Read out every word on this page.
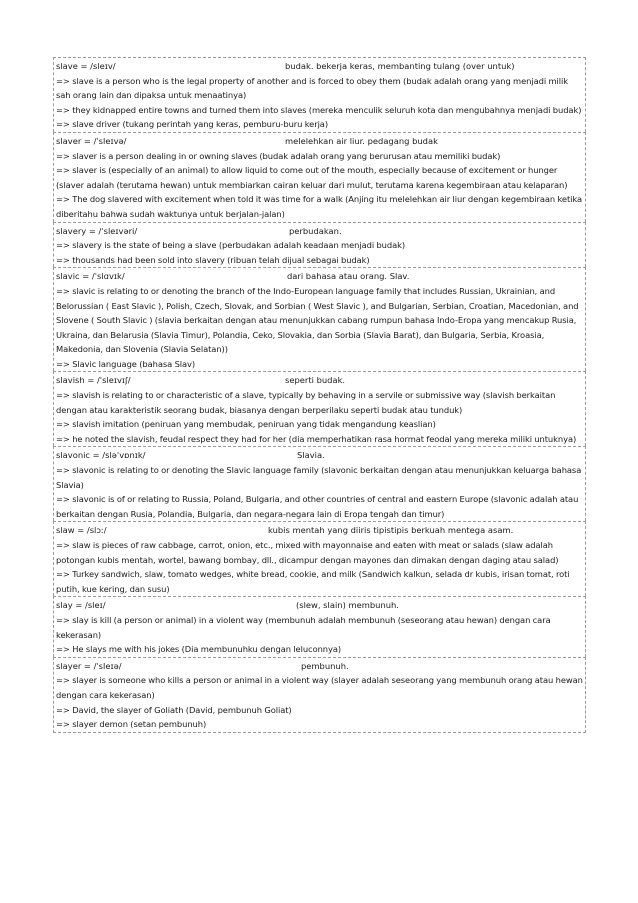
slave = /sleɪv/	budak. bekerja keras, membanting tulang (over untuk)
=> slave is a person who is the legal property of another and is forced to obey them (budak adalah orang yang menjadi milik sah orang lain dan dipaksa untuk menaatinya)
=> they kidnapped entire towns and turned them into slaves (mereka menculik seluruh kota dan mengubahnya menjadi budak)
=> slave driver (tukang perintah yang keras, pemburu-buru kerja)
slaver = /ˈsleɪvə/	melelehkan air liur. pedagang budak
=> slaver is a person dealing in or owning slaves (budak adalah orang yang berurusan atau memiliki budak)
=> slaver is (especially of an animal) to allow liquid to come out of the mouth, especially because of excitement or hunger (slaver adalah (terutama hewan) untuk membiarkan cairan keluar dari mulut, terutama karena kegembiraan atau kelaparan)
=> The dog slavered with excitement when told it was time for a walk (Anjing itu melelehkan air liur dengan kegembiraan ketika diberitahu bahwa sudah waktunya untuk berjalan-jalan)
slavery = /ˈsleɪvəri/	perbudakan.
=> slavery is the state of being a slave (perbudakan adalah keadaan menjadi budak)
=> thousands had been sold into slavery (ribuan telah dijual sebagai budak)
slavic = /ˈslɑvɪk/	dari bahasa atau orang. Slav.
=> slavic is relating to or denoting the branch of the Indo-European language family that includes Russian, Ukrainian, and Belorussian ( East Slavic ), Polish, Czech, Slovak, and Sorbian ( West Slavic ), and Bulgarian, Serbian, Croatian, Macedonian, and Slovene ( South Slavic ) (slavia berkaitan dengan atau menunjukkan cabang rumpun bahasa Indo-Eropa yang mencakup Rusia, Ukraina, dan Belarusia (Slavia Timur), Polandia, Ceko, Slovakia, dan Sorbia (Slavia Barat), dan Bulgaria, Serbia, Kroasia, Makedonia, dan Slovenia (Slavia Selatan))
=> Slavic language (bahasa Slav)
slavish = /ˈsleɪvɪʃ/	seperti budak.
=> slavish is relating to or characteristic of a slave, typically by behaving in a servile or submissive way (slavish berkaitan dengan atau karakteristik seorang budak, biasanya dengan berperilaku seperti budak atau tunduk)
=> slavish imitation (peniruan yang membudak, peniruan yang tidak mengandung keaslian)
=> he noted the slavish, feudal respect they had for her (dia memperhatikan rasa hormat feodal yang mereka miliki untuknya)
slavonic = /sləˈvɒnɪk/	Slavia.
=> slavonic is relating to or denoting the Slavic language family (slavonic berkaitan dengan atau menunjukkan keluarga bahasa Slavia)
=> slavonic is of or relating to Russia, Poland, Bulgaria, and other countries of central and eastern Europe (slavonic adalah atau berkaitan dengan Rusia, Polandia, Bulgaria, dan negara-negara lain di Eropa tengah dan timur)
slaw = /slɔː/	kubis mentah yang diiris tipistipis berkuah mentega asam.
=> slaw is pieces of raw cabbage, carrot, onion, etc., mixed with mayonnaise and eaten with meat or salads (slaw adalah potongan kubis mentah, wortel, bawang bombay, dll., dicampur dengan mayones dan dimakan dengan daging atau salad)
=> Turkey sandwich, slaw, tomato wedges, white bread, cookie, and milk (Sandwich kalkun, selada dr kubis, irisan tomat, roti putih, kue kering, dan susu)
slay = /sleɪ/	(slew, slain) membunuh.
=> slay is kill (a person or animal) in a violent way (membunuh adalah membunuh (seseorang atau hewan) dengan cara kekerasan)
=> He slays me with his jokes (Dia membunuhku dengan leluconnya)
slayer = /ˈsleɪə/	pembunuh.
=> slayer is someone who kills a person or animal in a violent way (slayer adalah seseorang yang membunuh orang atau hewan dengan cara kekerasan)
=> David, the slayer of Goliath (David, pembunuh Goliat)
=> slayer demon (setan pembunuh)
